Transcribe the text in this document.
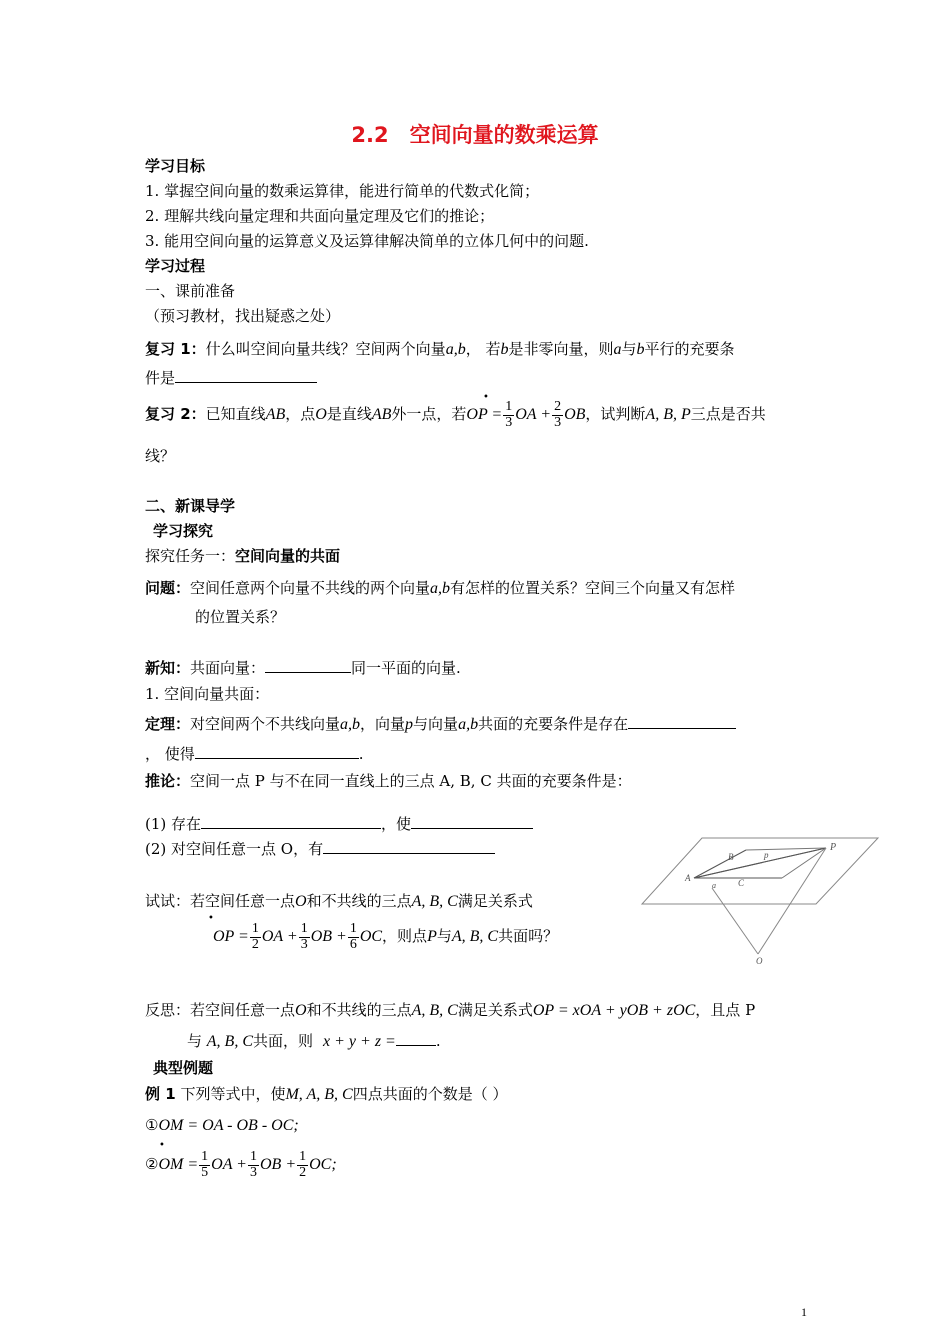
2.2　空间向量的数乘运算
学习目标
1. 掌握空间向量的数乘运算律，能进行简单的代数式化简；
2. 理解共线向量定理和共面向量定理及它们的推论；
3. 能用空间向量的运算意义及运算律解决简单的立体几何中的问题.
学习过程
一、课前准备
（预习教材，找出疑惑之处）
复习 1：什么叫空间向量共线？空间两个向量a,b， 若b是非零向量，则a与b平行的充要条
件是
•
复习 2：已知直线AB，点O是直线AB外一点，若OP = $\frac{1}{3}$ OA + $\frac{2}{3}$ OB，试判断A, B, P三点是否共
线？
二、新课导学
学习探究
探究任务一：空间向量的共面
问题：空间任意两个向量不共线的两个向量a,b有怎样的位置关系？空间三个向量又有怎样
的位置关系？
新知：共面向量：	同一平面的向量.
1. 空间向量共面：
定理：对空间两个不共线向量a,b，向量p与向量a,b共面的充要条件是存在
， 使得	.
推论：空间一点 P 与不在同一直线上的三点 A, B, C 共面的充要条件是：
(1) 存在	，使
(2) 对空间任意一点 O，有	P
B	p
A
a C
O
试试：若空间任意一点O和不共线的三点A, B, C满足关系式
•
OP = $\frac{1}{2}$ OA + $\frac{1}{3}$ OB + $\frac{1}{6}$ OC，则点P与A, B, C共面吗？
反思：若空间任意一点O和不共线的三点A, B, C满足关系式OP = xOA + yOB + zOC，且点 P
与 A, B, C共面，则 x + y + z =	.
典型例题
例 1 下列等式中，使M, A, B, C四点共面的个数是（ ）
①OM = OA - OB - OC;
•
②OM = $\frac{1}{5}$ OA + $\frac{1}{3}$ OB + $\frac{1}{2}$ OC;
1
